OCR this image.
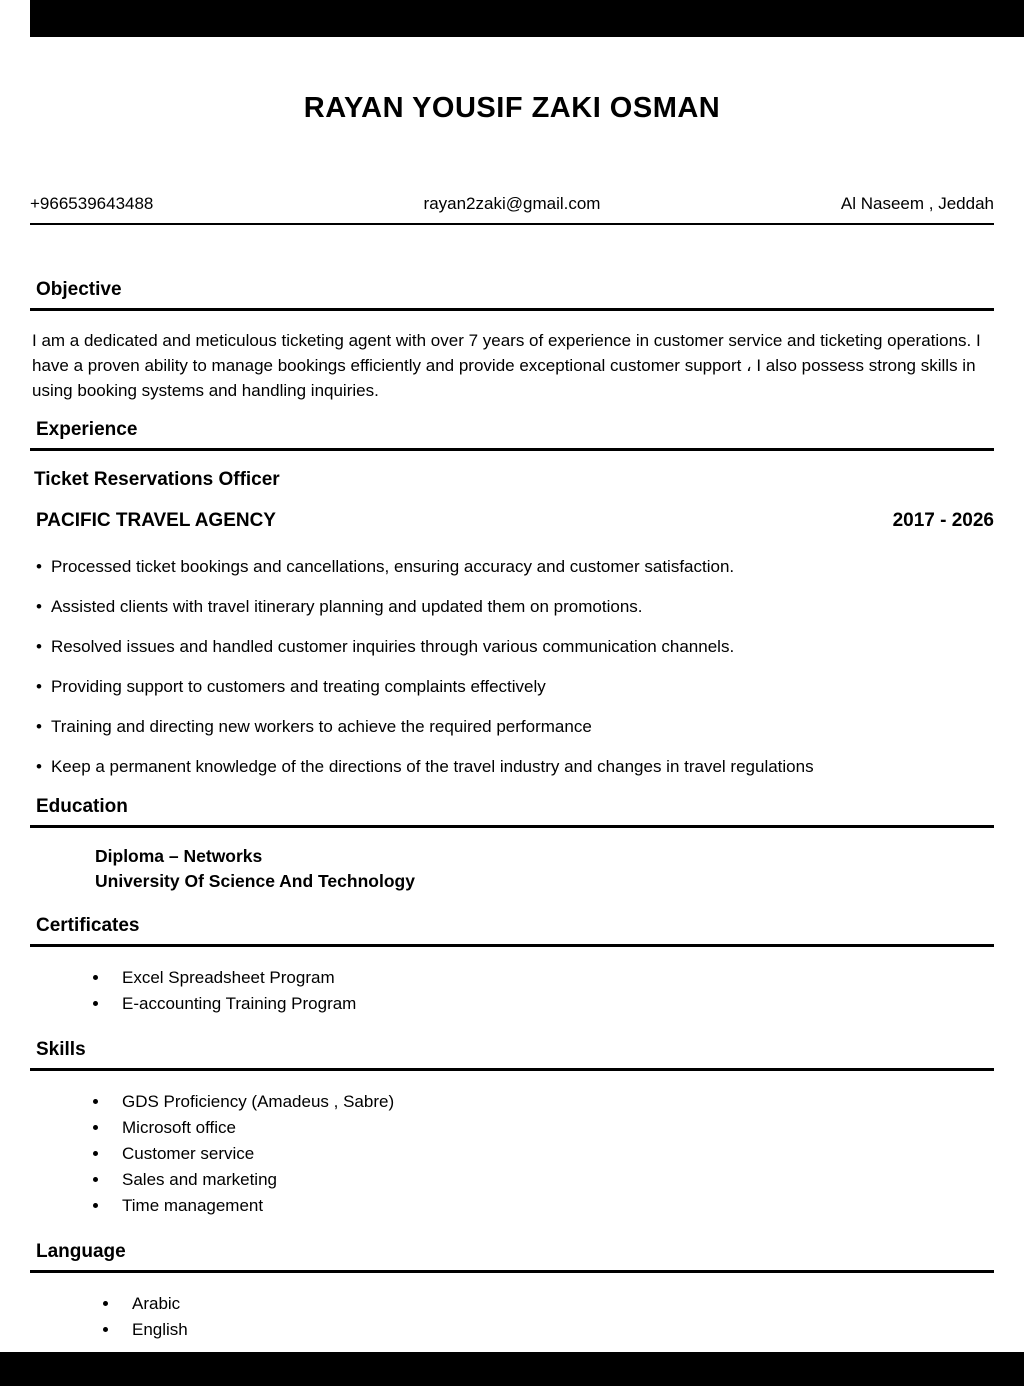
RAYAN YOUSIF ZAKI OSMAN
+966539643488	rayan2zaki@gmail.com	Al Naseem , Jeddah
Objective

I am a dedicated and meticulous ticketing agent with over 7 years of experience in customer service and ticketing operations. I have a proven ability to manage bookings efficiently and provide exceptional customer support ، I also possess strong skills in using booking systems and handling inquiries.

Experience
Ticket Reservations Officer
PACIFIC TRAVEL AGENCY	2017 - 2026
• Processed ticket bookings and cancellations, ensuring accuracy and customer satisfaction.
• Assisted clients with travel itinerary planning and updated them on promotions.
• Resolved issues and handled customer inquiries through various communication channels.
• Providing support to customers and treating complaints effectively
• Training and directing new workers to achieve the required performance
• Keep a permanent knowledge of the directions of the travel industry and changes in travel regulations
Education
Diploma – Networks
University Of Science And Technology
Certificates
• Excel Spreadsheet Program
• E-accounting Training Program
Skills
• GDS Proficiency (Amadeus , Sabre)
• Microsoft office
• Customer service
• Sales and marketing
• Time management
Language
• Arabic
• English
